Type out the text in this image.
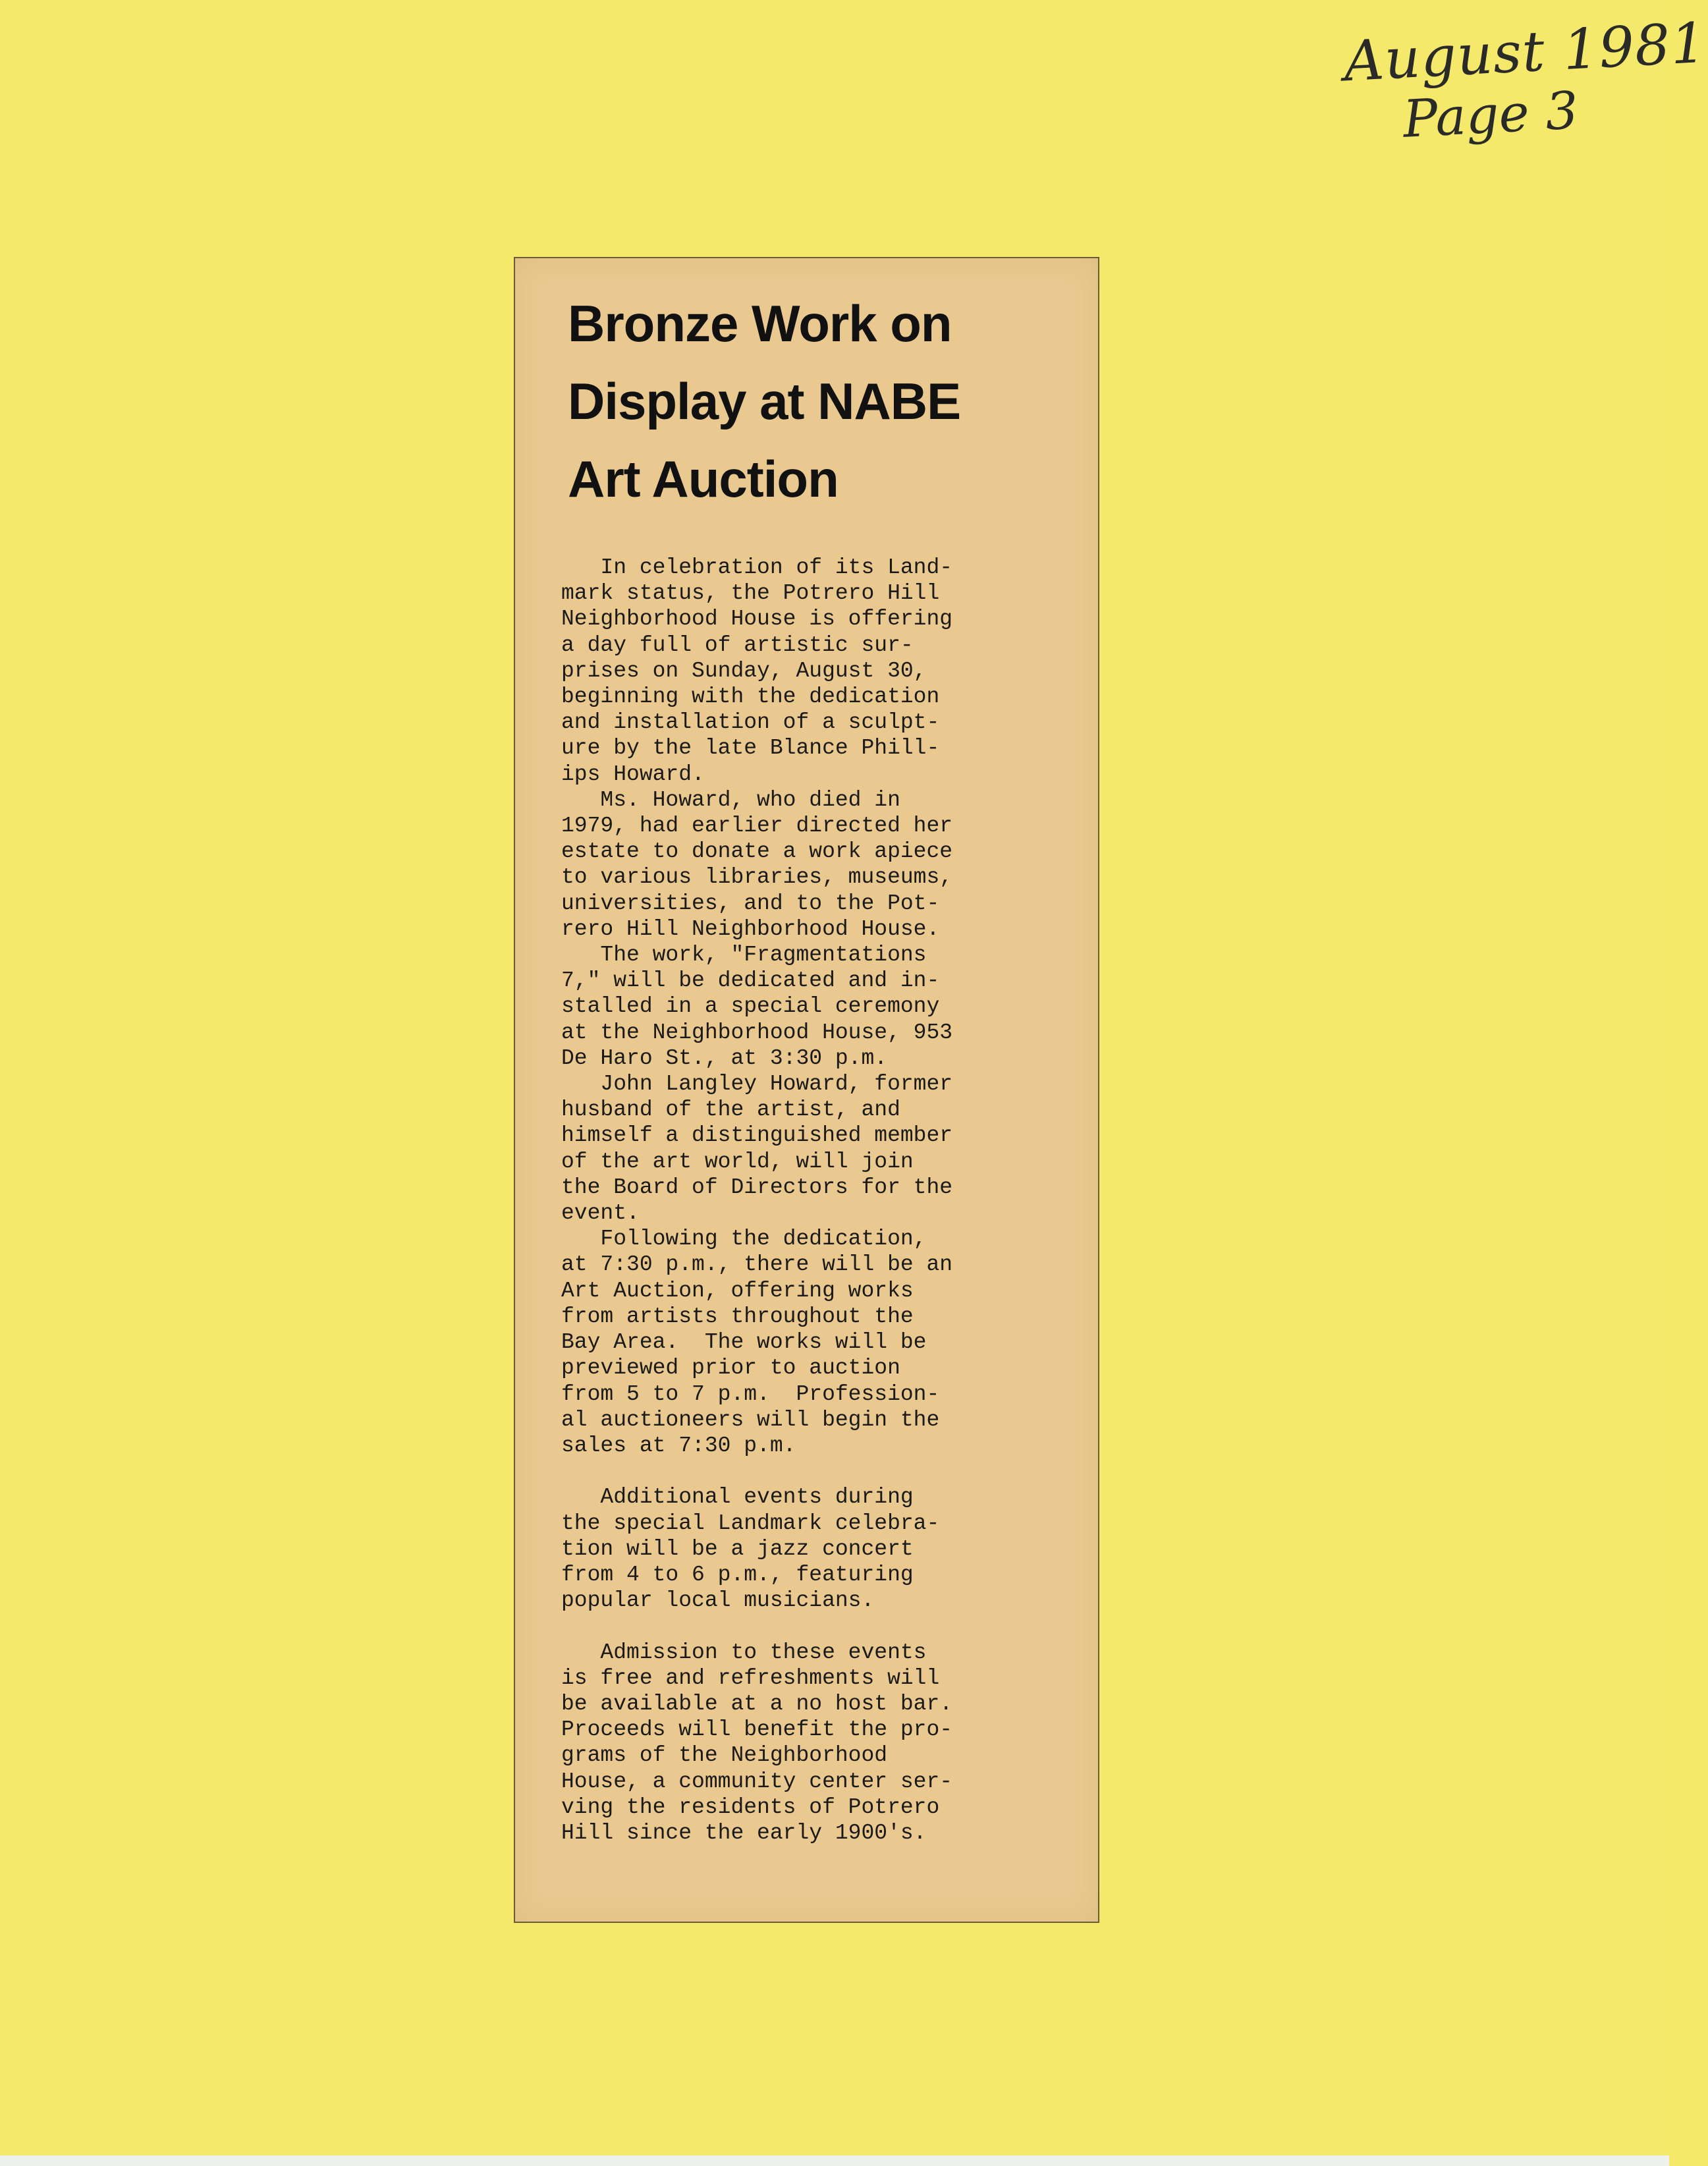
August 1981
Page 3
Bronze Work on
Display at NABE
Art Auction
In celebration of its Land-
mark status, the Potrero Hill
Neighborhood House is offering
a day full of artistic sur-
prises on Sunday, August 30,
beginning with the dedication
and installation of a sculpt-
ure by the late Blance Phill-
ips Howard.
Ms. Howard, who died in
1979, had earlier directed her
estate to donate a work apiece
to various libraries, museums,
universities, and to the Pot-
rero Hill Neighborhood House.
The work, "Fragmentations
7," will be dedicated and in-
stalled in a special ceremony
at the Neighborhood House, 953
De Haro St., at 3:30 p.m.
John Langley Howard, former
husband of the artist, and
himself a distinguished member
of the art world, will join
the Board of Directors for the
event.
Following the dedication,
at 7:30 p.m., there will be an
Art Auction, offering works
from artists throughout the
Bay Area.  The works will be
previewed prior to auction
from 5 to 7 p.m.  Profession-
al auctioneers will begin the
sales at 7:30 p.m.

Additional events during
the special Landmark celebra-
tion will be a jazz concert
from 4 to 6 p.m., featuring
popular local musicians.

Admission to these events
is free and refreshments will
be available at a no host bar.
Proceeds will benefit the pro-
grams of the Neighborhood
House, a community center ser-
ving the residents of Potrero
Hill since the early 1900's.
